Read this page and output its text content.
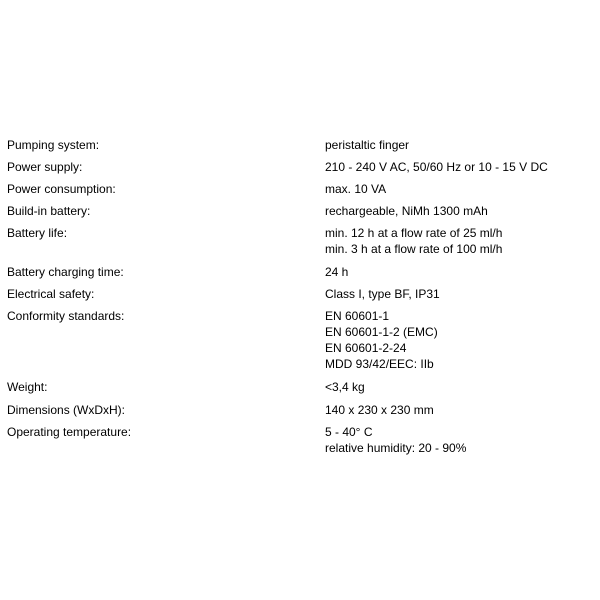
Pumping system:	peristaltic finger
Power supply:	210 - 240 V AC, 50/60 Hz or 10 - 15 V DC
Power consumption:	max. 10 VA
Build-in battery:	rechargeable, NiMh 1300 mAh
Battery life:	min. 12 h at a flow rate of 25 ml/h
min. 3 h at a flow rate of 100 ml/h
Battery charging time:	24 h
Electrical safety:	Class I, type BF, IP31
Conformity standards:	EN 60601-1
EN 60601-1-2 (EMC)
EN 60601-2-24
MDD 93/42/EEC: IIb
Weight:	<3,4 kg
Dimensions (WxDxH):	140 x 230 x 230 mm
Operating temperature:	5 - 40° C
relative humidity: 20 - 90%
